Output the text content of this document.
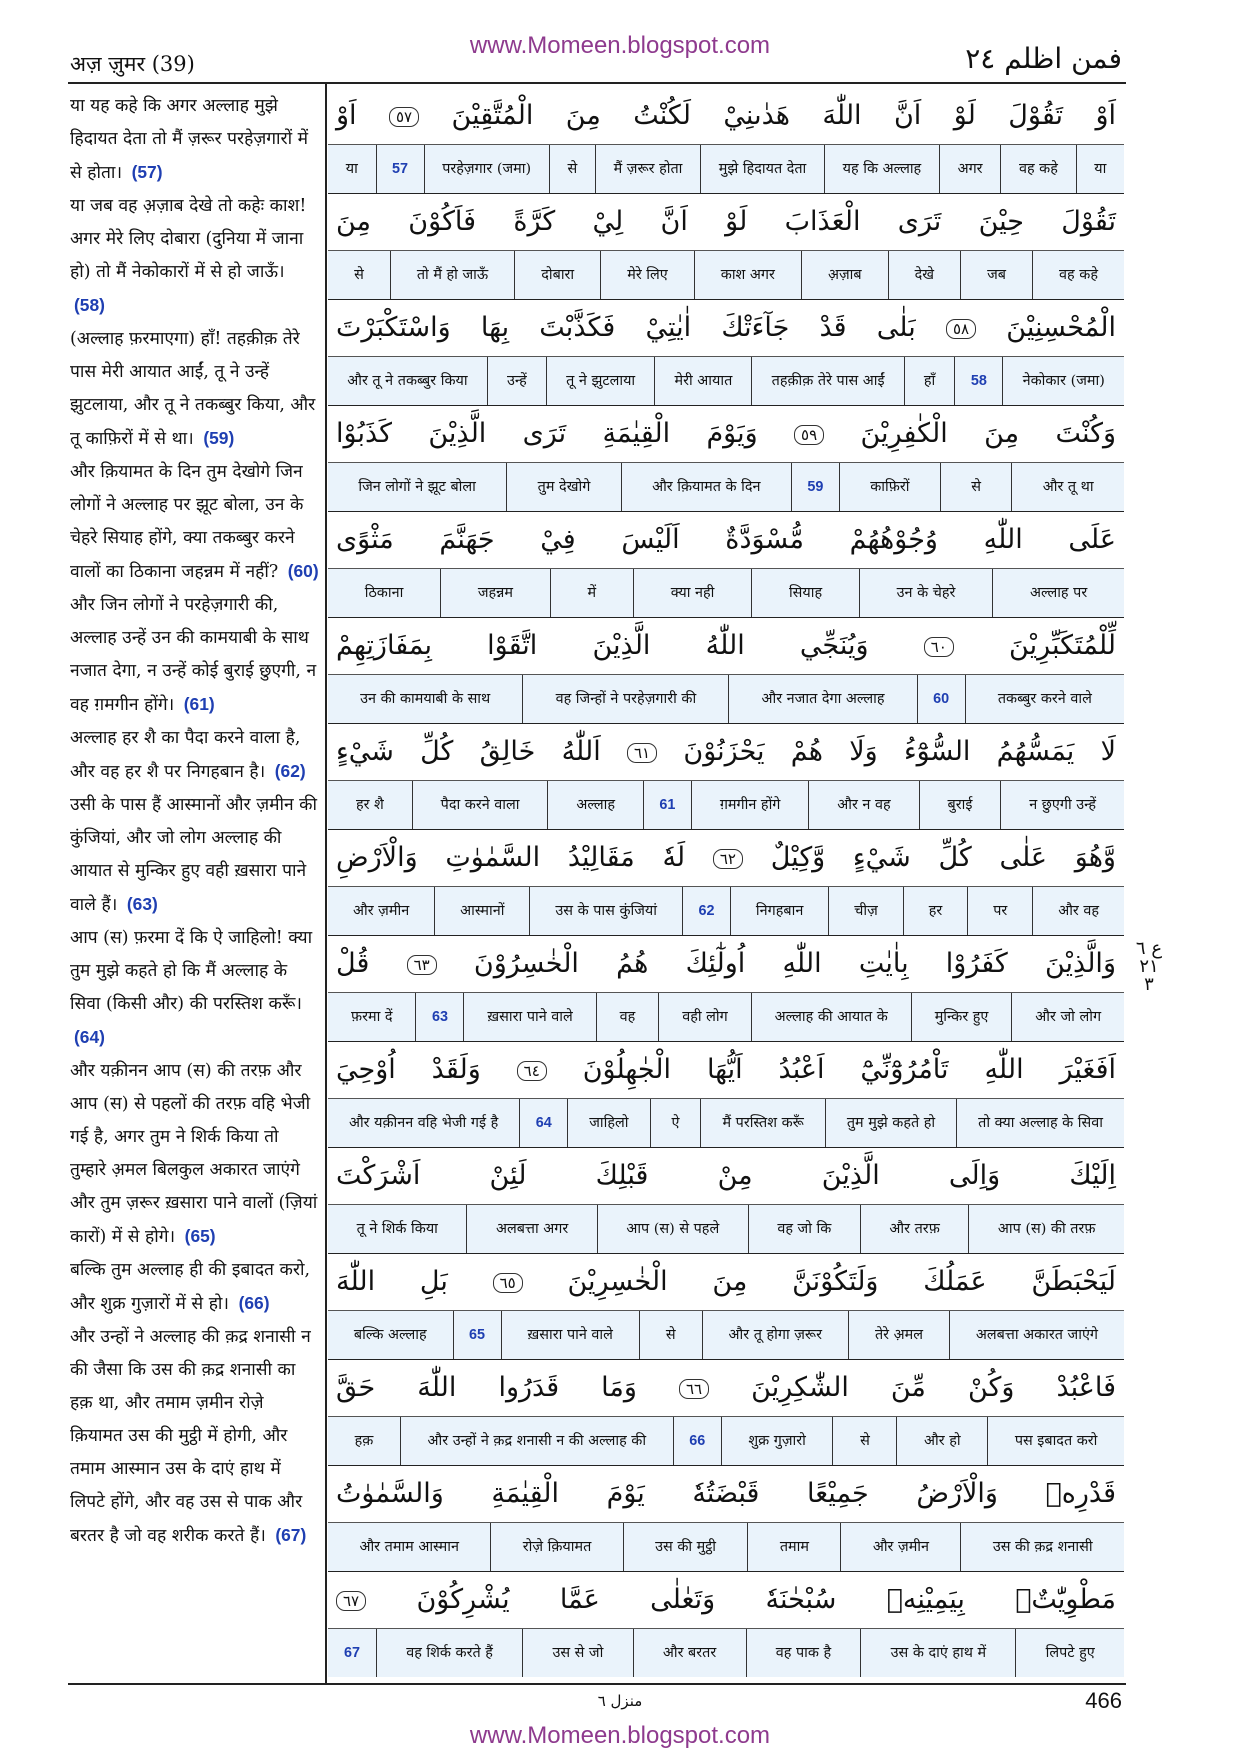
www.Momeen.blogspot.com
अज़ ज़ुमर (39)	فمن اظلم ٢٤
या यह कहे कि अगर अल्लाह मुझे हिदायत देता तो मैं ज़रूर परहेज़गारों में से होता। (57)
या जब वह अ़ज़ाब देखे तो कहेः काश! अगर मेरे लिए दोबारा (दुनिया में जाना हो) तो मैं नेकोकारों में से हो जाऊँ। (58)
(अल्लाह फ़रमाएगा) हाँ! तहक़ीक़ तेरे पास मेरी आयात आईं, तू ने उन्हें झुटलाया, और तू ने तकब्बुर किया, और तू काफ़िरों में से था। (59)
और क़ियामत के दिन तुम देखोगे जिन लोगों ने अल्लाह पर झूट बोला, उन के चेहरे सियाह होंगे, क्या तकब्बुर करने वालों का ठिकाना जहन्नम में नहीं? (60)
और जिन लोगों ने परहेज़गारी की, अल्लाह उन्हें उन की कामयाबी के साथ नजात देगा, न उन्हें कोई बुराई छुएगी, न वह ग़मगीन होंगे। (61)
अल्लाह हर शै का पैदा करने वाला है, और वह हर शै पर निगहबान है। (62)
उसी के पास हैं आस्मानों और ज़मीन की कुंजियां, और जो लोग अल्लाह की आयात से मुन्किर हुए वही ख़सारा पाने वाले हैं। (63)
आप (स) फ़रमा दें कि ऐ जाहिलो! क्या तुम मुझे कहते हो कि मैं अल्लाह के सिवा (किसी और) की परस्तिश करूँ। (64)
और यक़ीनन आप (स) की तरफ़ और आप (स) से पहलों की तरफ़ वहि भेजी गई है, अगर तुम ने शिर्क किया तो तुम्हारे अ़मल बिलकुल अकारत जाएंगे और तुम ज़रूर ख़सारा पाने वालों (ज़ियां कारों) में से होगे। (65)
बल्कि तुम अल्लाह ही की इबादत करो, और शुक्र गुज़ारों में से हो। (66)
और उन्हों ने अल्लाह की क़द्र शनासी न की जैसा कि उस की क़द्र शनासी का हक़ था, और तमाम ज़मीन रोज़े क़ियामत उस की मुट्ठी में होगी, और तमाम आस्मान उस के दाएं हाथ में लिपटे होंगे, और वह उस से पाक और बरतर है जो वह शरीक करते हैं। (67)
اَوْ تَقُوْلَ لَوْ اَنَّ اللّٰهَ هَدٰىنِيْ لَكُنْتُ مِنَ الْمُتَّقِيْنَ ٥٧ اَوْ
या
वह कहे
अगर
यह कि अल्लाह
मुझे हिदायत देता
मैं ज़रूर होता
से
परहेज़गार (जमा)
57
या
تَقُوْلَ حِيْنَ تَرَى الْعَذَابَ لَوْ اَنَّ لِيْ كَرَّةً فَاَكُوْنَ مِنَ
वह कहे
जब
देखे
अ़ज़ाब
काश अगर
मेरे लिए
दोबारा
तो मैं हो जाऊँ
से
الْمُحْسِنِيْنَ ٥٨ بَلٰى قَدْ جَآءَتْكَ اٰيٰتِيْ فَكَذَّبْتَ بِهَا وَاسْتَكْبَرْتَ
नेकोकार (जमा)
58
हाँ
तहक़ीक़ तेरे पास आईं
मेरी आयात
तू ने झुटलाया
उन्हें
और तू ने तकब्बुर किया
وَكُنْتَ مِنَ الْكٰفِرِيْنَ ٥٩ وَيَوْمَ الْقِيٰمَةِ تَرَى الَّذِيْنَ كَذَبُوْا
और तू था
से
काफ़िरों
59
और क़ियामत के दिन
तुम देखोगे
जिन लोगों ने झूट बोला
عَلَى اللّٰهِ وُجُوْهُهُمْ مُّسْوَدَّةٌ اَلَيْسَ فِيْ جَهَنَّمَ مَثْوًى
अल्लाह पर
उन के चेहरे
सियाह
क्या नही
में
जहन्नम
ठिकाना
لِّلْمُتَكَبِّرِيْنَ ٦٠ وَيُنَجِّي اللّٰهُ الَّذِيْنَ اتَّقَوْا بِمَفَازَتِهِمْ
तकब्बुर करने वाले
60
और नजात देगा अल्लाह
वह जिन्हों ने परहेज़गारी की
उन की कामयाबी के साथ
لَا يَمَسُّهُمُ السُّوْٓءُ وَلَا هُمْ يَحْزَنُوْنَ ٦١ اَللّٰهُ خَالِقُ كُلِّ شَيْءٍ
न छुएगी उन्हें
बुराई
और न वह
ग़मगीन होंगे
61
अल्लाह
पैदा करने वाला
हर शै
وَّهُوَ عَلٰى كُلِّ شَيْءٍ وَّكِيْلٌ ٦٢ لَهٗ مَقَالِيْدُ السَّمٰوٰتِ وَالْاَرْضِ
और वह
पर
हर
चीज़
निगहबान
62
उस के पास कुंजियां
आस्मानों
और ज़मीन
وَالَّذِيْنَ كَفَرُوْا بِاٰيٰتِ اللّٰهِ اُولٰٓئِكَ هُمُ الْخٰسِرُوْنَ ٦٣ قُلْ
और जो लोग
मुन्किर हुए
अल्लाह की आयात के
वही लोग
वह
ख़सारा पाने वाले
63
फ़रमा दें
اَفَغَيْرَ اللّٰهِ تَاْمُرُوْٓنِّيْٓ اَعْبُدُ اَيُّهَا الْجٰهِلُوْنَ ٦٤ وَلَقَدْ اُوْحِيَ
तो क्या अल्लाह के सिवा
तुम मुझे कहते हो
मैं परस्तिश करूँ
ऐ
जाहिलो
64
और यक़ीनन वहि भेजी गई है
اِلَيْكَ وَاِلَى الَّذِيْنَ مِنْ قَبْلِكَ لَئِنْ اَشْرَكْتَ
आप (स) की तरफ़
और तरफ़
वह जो कि
आप (स) से पहले
अलबत्ता अगर
तू ने शिर्क किया
لَيَحْبَطَنَّ عَمَلُكَ وَلَتَكُوْنَنَّ مِنَ الْخٰسِرِيْنَ ٦٥ بَلِ اللّٰهَ
अलबत्ता अकारत जाएंगे
तेरे अ़मल
और तू होगा ज़रूर
से
ख़सारा पाने वाले
65
बल्कि अल्लाह
فَاعْبُدْ وَكُنْ مِّنَ الشّٰكِرِيْنَ ٦٦ وَمَا قَدَرُوا اللّٰهَ حَقَّ
पस इबादत करो
और हो
से
शुक्र गुज़ारो
66
और उन्हों ने क़द्र शनासी न की अल्लाह की
हक़
قَدْرِهٖ وَالْاَرْضُ جَمِيْعًا قَبْضَتُهٗ يَوْمَ الْقِيٰمَةِ وَالسَّمٰوٰتُ
उस की क़द्र शनासी
और ज़मीन
तमाम
उस की मुट्ठी
रोज़े क़ियामत
और तमाम आस्मान
مَطْوِيّٰتٌۢ بِيَمِيْنِهٖ سُبْحٰنَهٗ وَتَعٰلٰى عَمَّا يُشْرِكُوْنَ ٦٧
लिपटे हुए
उस के दाएं हाथ में
वह पाक है
और बरतर
उस से जो
वह शिर्क करते हैं
67
ع ٦ ٢١ ٣
منزل ٦	466
www.Momeen.blogspot.com
